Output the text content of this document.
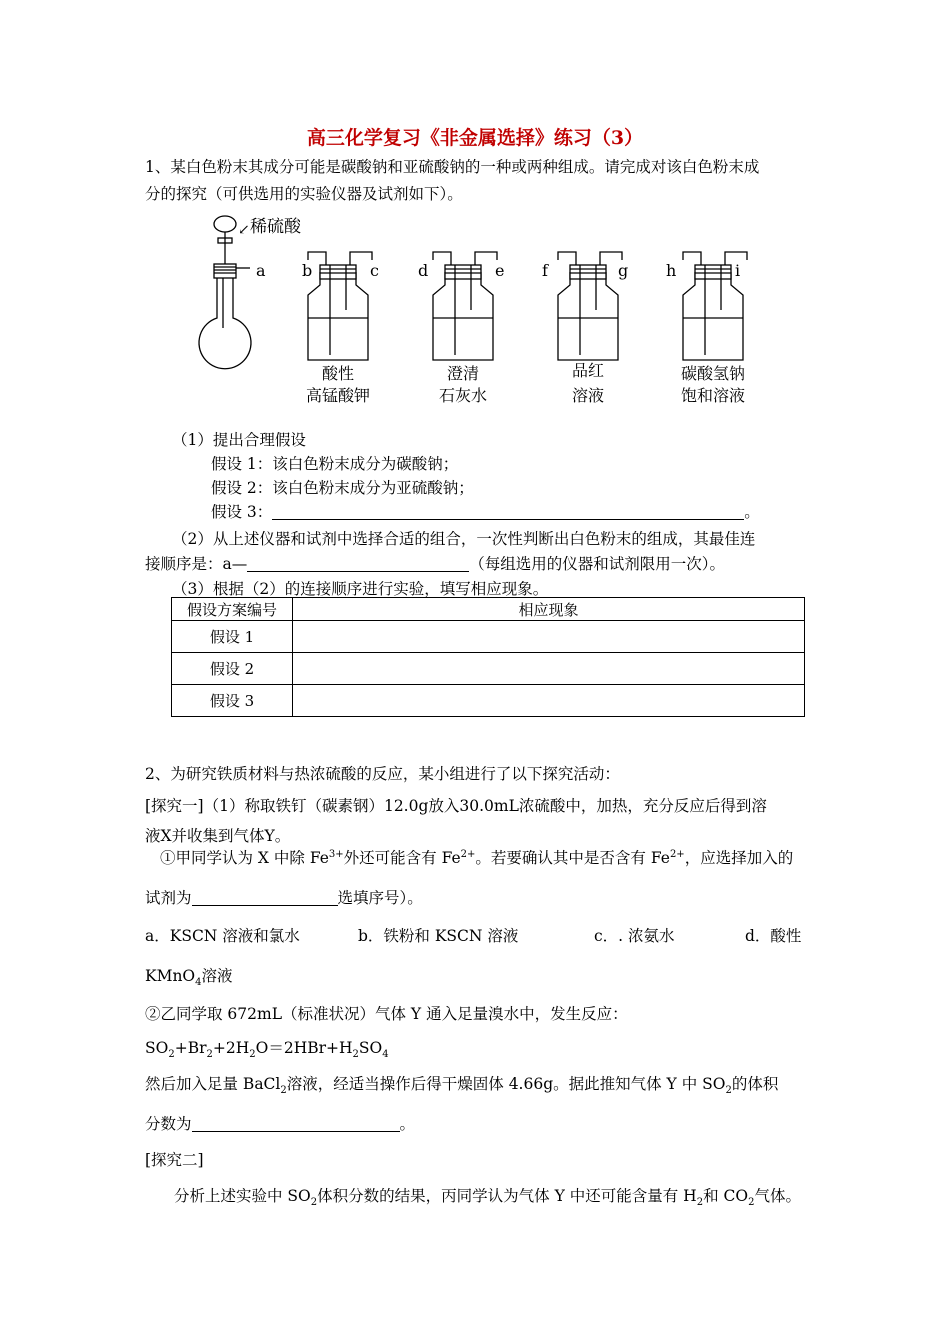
高三化学复习《非金属选择》练习（3）
1、某白色粉末其成分可能是碳酸钠和亚硫酸钠的一种或两种组成。请完成对该白色粉末成
分的探究（可供选用的实验仪器及试剂如下）。
↙ 稀硫酸
a b	c d	e f	g h	i
酸性
高锰酸钾
澄清
石灰水
品红
溶液
碳酸氢钠
饱和溶液
（1）提出合理假设
假设 1：该白色粉末成分为碳酸钠；
假设 2：该白色粉末成分为亚硫酸钠；
假设 3：	。
（2）从上述仪器和试剂中选择合适的组合，一次性判断出白色粉末的组成，其最佳连
接顺序是：a—	（每组选用的仪器和试剂限用一次）。
（3）根据（2）的连接顺序进行实验，填写相应现象。
假设方案编号	相应现象
假设 1	
假设 2	
假设 3	
2、为研究铁质材料与热浓硫酸的反应，某小组进行了以下探究活动：
[探究一]（1）称取铁钉（碳素钢）12.0g放入30.0mL浓硫酸中，加热，充分反应后得到溶
液X并收集到气体Y。
①甲同学认为 X 中除 $Fe^{3+}$外还可能含有 $Fe^{2+}$。若要确认其中是否含有 $Fe^{2+}$，应选择加入的
试剂为	选填序号）。
a．KSCN 溶液和氯水	b．铁粉和 KSCN 溶液	c．. 浓氨水	d．酸性
KMnO$_4$溶液
②乙同学取 672mL（标准状况）气体 Y 通入足量溴水中，发生反应：
$SO_2+Br_2+2H_2O=2HBr+H_2SO_4$
然后加入足量 BaCl$_2$溶液，经适当操作后得干燥固体 4.66g。据此推知气体 Y 中 $SO_2$的体积
分数为	。
[探究二]
分析上述实验中 $SO_2$体积分数的结果，丙同学认为气体 Y 中还可能含量有 $H_2$和 $CO_2$气体。
